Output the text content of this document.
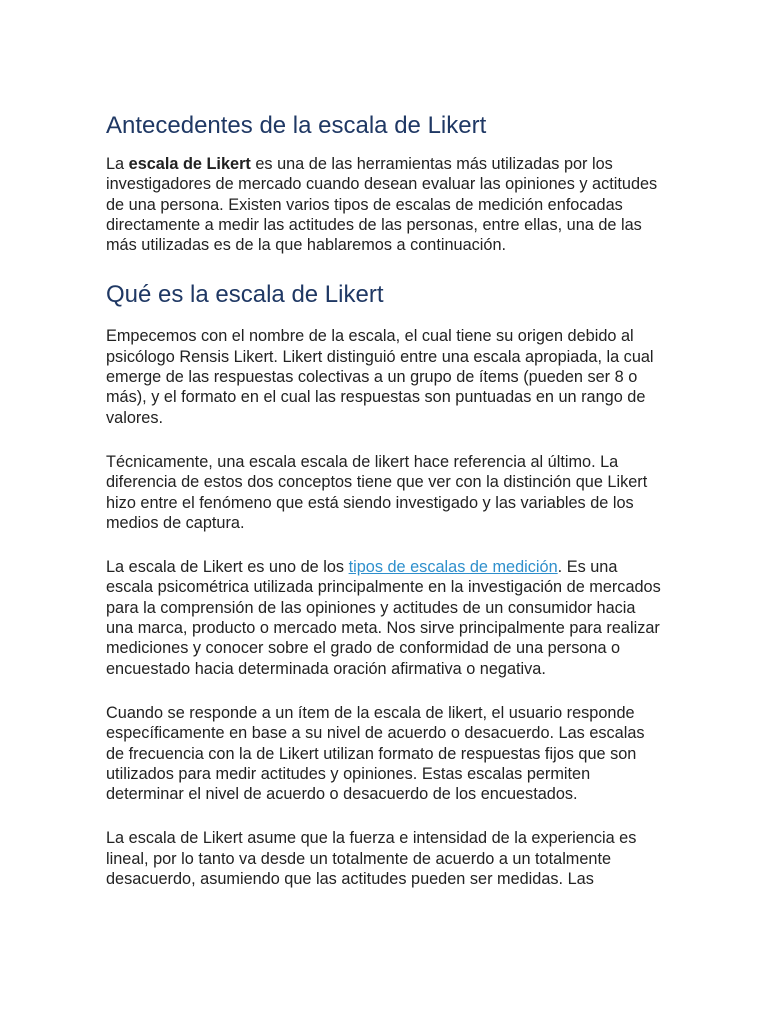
Antecedentes de la escala de Likert

La escala de Likert es una de las herramientas más utilizadas por los investigadores de mercado cuando desean evaluar las opiniones y actitudes de una persona. Existen varios tipos de escalas de medición enfocadas directamente a medir las actitudes de las personas, entre ellas, una de las más utilizadas es de la que hablaremos a continuación.

Qué es la escala de Likert

Empecemos con el nombre de la escala, el cual tiene su origen debido al psicólogo Rensis Likert. Likert distinguió entre una escala apropiada, la cual emerge de las respuestas colectivas a un grupo de ítems (pueden ser 8 o más), y el formato en el cual las respuestas son puntuadas en un rango de valores.

Técnicamente, una escala escala de likert hace referencia al último. La diferencia de estos dos conceptos tiene que ver con la distinción que Likert hizo entre el fenómeno que está siendo investigado y las variables de los medios de captura.

La escala de Likert es uno de los tipos de escalas de medición. Es una escala psicométrica utilizada principalmente en la investigación de mercados para la comprensión de las opiniones y actitudes de un consumidor hacia una marca, producto o mercado meta. Nos sirve principalmente para realizar mediciones y conocer sobre el grado de conformidad de una persona o encuestado hacia determinada oración afirmativa o negativa.

Cuando se responde a un ítem de la escala de likert, el usuario responde específicamente en base a su nivel de acuerdo o desacuerdo. Las escalas de frecuencia con la de Likert utilizan formato de respuestas fijos que son utilizados para medir actitudes y opiniones. Estas escalas permiten determinar el nivel de acuerdo o desacuerdo de los encuestados.

La escala de Likert asume que la fuerza e intensidad de la experiencia es lineal, por lo tanto va desde un totalmente de acuerdo a un totalmente desacuerdo, asumiendo que las actitudes pueden ser medidas. Las
